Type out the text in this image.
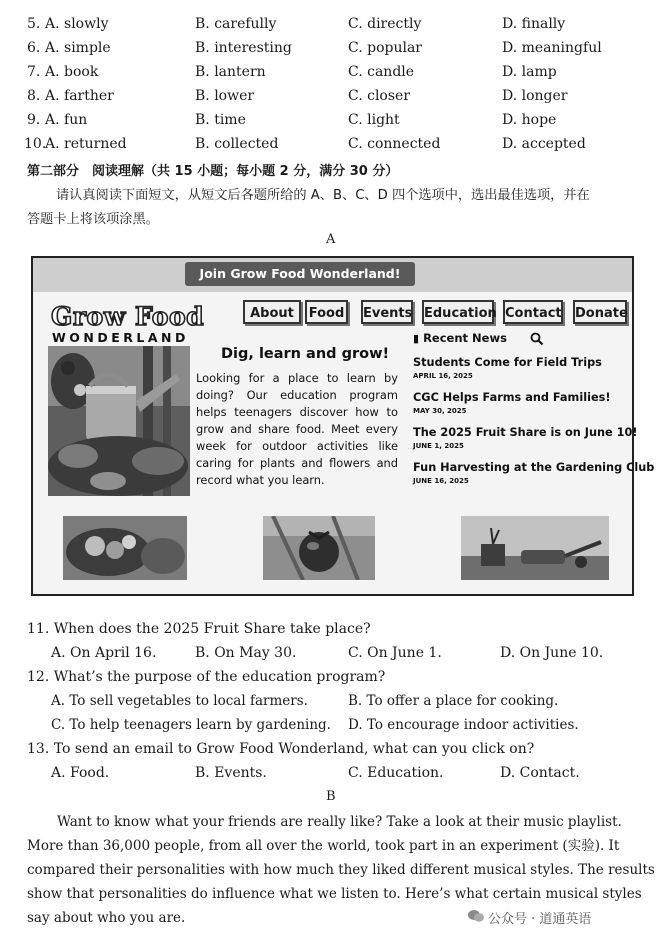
5. A. slowly	B. carefully	C. directly	D. finally
6. A. simple	B. interesting	C. popular	D. meaningful
7. A. book	B. lantern	C. candle	D. lamp
8. A. farther	B. lower	C. closer	D. longer
9. A. fun	B. time	C. light	D. hope
10.
A. returned	B. collected	C. connected	D. accepted
第二部分　阅读理解（共 15 小题；每小题 2 分，满分 30 分）
请认真阅读下面短文，从短文后各题所给的 A、B、C、D 四个选项中，选出最佳选项，并在
答题卡上将该项涂黑。
A
Join Grow Food Wonderland!
Grow Food
WONDERLAND
About	Food Events Education Contact Donate
Dig, learn and grow!
Looking for a place to learn by doing? Our education program helps teenagers discover how to grow and share food. Meet every week for outdoor activities like caring for plants and flowers and record what you learn.
▮ Recent News
Students Come for Field Trips
APRIL 16, 2025
CGC Helps Farms and Families!
MAY 30, 2025
The 2025 Fruit Share is on June 10!
JUNE 1, 2025
Fun Harvesting at the Gardening Club
JUNE 16, 2025
11. When does the 2025 Fruit Share take place?
A. On April 16.	B. On May 30.	C. On June 1.	D. On June 10.
12. What’s the purpose of the education program?
A. To sell vegetables to local farmers.	B. To offer a place for cooking.
C. To help teenagers learn by gardening. D. To encourage indoor activities.
13. To send an email to Grow Food Wonderland, what can you click on?
A. Food.	B. Events.	C. Education.	D. Contact.
B
Want to know what your friends are really like? Take a look at their music playlist.
More than 36,000 people, from all over the world, took part in an experiment (实验). It
compared their personalities with how much they liked different musical styles. The results
show that personalities do influence what we listen to. Here’s what certain musical styles
say about who you are.	公众号 · 道通英语
